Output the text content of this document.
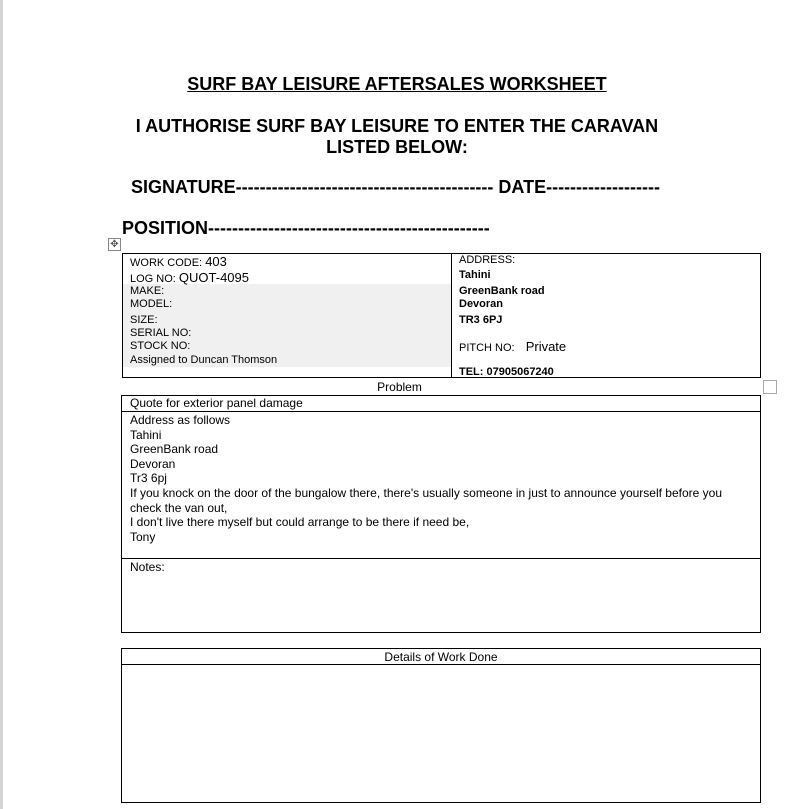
SURF BAY LEISURE AFTERSALES WORKSHEET
I AUTHORISE SURF BAY LEISURE TO ENTER THE CARAVAN
LISTED BELOW:
SIGNATURE------------------------------------------- DATE-------------------
POSITION-----------------------------------------------
✥
WORK CODE: 403
LOG NO: QUOT-4095
MAKE:
MODEL:
SIZE:
SERIAL NO:
STOCK NO:
Assigned to Duncan Thomson
ADDRESS:
Tahini
GreenBank road
Devoran
TR3 6PJ
PITCH NO: Private
TEL: 07905067240
Problem
Quote for exterior panel damage
Address as follows
Tahini
GreenBank road
Devoran
Tr3 6pj
If you knock on the door of the bungalow there, there's usually someone in just to announce yourself before you check the van out,
I don't live there myself but could arrange to be there if need be,
Tony
Notes:
Details of Work Done
